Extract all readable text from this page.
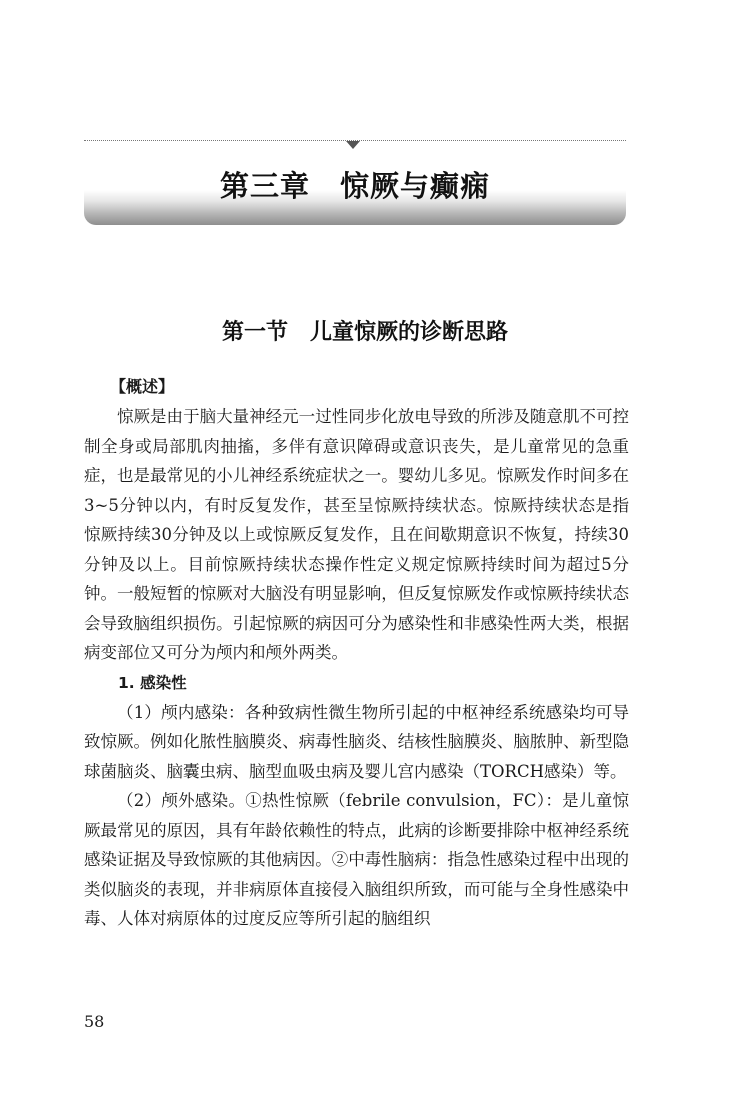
第三章　惊厥与癫痫
第一节　儿童惊厥的诊断思路
【概述】

惊厥是由于脑大量神经元一过性同步化放电导致的所涉及随意肌不可控制全身或局部肌肉抽搐，多伴有意识障碍或意识丧失，是儿童常见的急重症，也是最常见的小儿神经系统症状之一。婴幼儿多见。惊厥发作时间多在3~5分钟以内，有时反复发作，甚至呈惊厥持续状态。惊厥持续状态是指惊厥持续30分钟及以上或惊厥反复发作，且在间歇期意识不恢复，持续30分钟及以上。目前惊厥持续状态操作性定义规定惊厥持续时间为超过5分钟。一般短暂的惊厥对大脑没有明显影响，但反复惊厥发作或惊厥持续状态会导致脑组织损伤。引起惊厥的病因可分为感染性和非感染性两大类，根据病变部位又可分为颅内和颅外两类。

1. 感染性

（1）颅内感染：各种致病性微生物所引起的中枢神经系统感染均可导致惊厥。例如化脓性脑膜炎、病毒性脑炎、结核性脑膜炎、脑脓肿、新型隐球菌脑炎、脑囊虫病、脑型血吸虫病及婴儿宫内感染（TORCH感染）等。

（2）颅外感染。①热性惊厥（febrile convulsion，FC）：是儿童惊厥最常见的原因，具有年龄依赖性的特点，此病的诊断要排除中枢神经系统感染证据及导致惊厥的其他病因。②中毒性脑病：指急性感染过程中出现的类似脑炎的表现，并非病原体直接侵入脑组织所致，而可能与全身性感染中毒、人体对病原体的过度反应等所引起的脑组织

58
